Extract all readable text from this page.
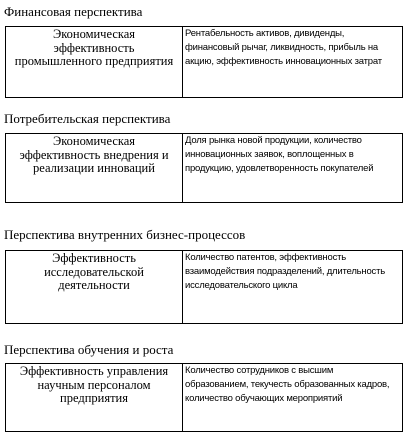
Финансовая перспектива
Экономическая
эффективность
промышленного предприятия
Рентабельность активов, дивиденды,
финансовый рычаг, ликвидность, прибыль на
акцию, эффективность инновационных затрат
Потребительская перспектива
Экономическая
эффективность внедрения и
реализации инноваций
Доля рынка новой продукции, количество
инновационных заявок, воплощенных в
продукцию, удовлетворенность покупателей
Перспектива внутренних бизнес-процессов
Эффективность
исследовательской
деятельности
Количество патентов, эффективность
взаимодействия подразделений, длительность
исследовательского цикла
Перспектива обучения и роста
Эффективность управления
научным персоналом
предприятия
Количество сотрудников с высшим
образованием, текучесть образованных кадров,
количество обучающих мероприятий
